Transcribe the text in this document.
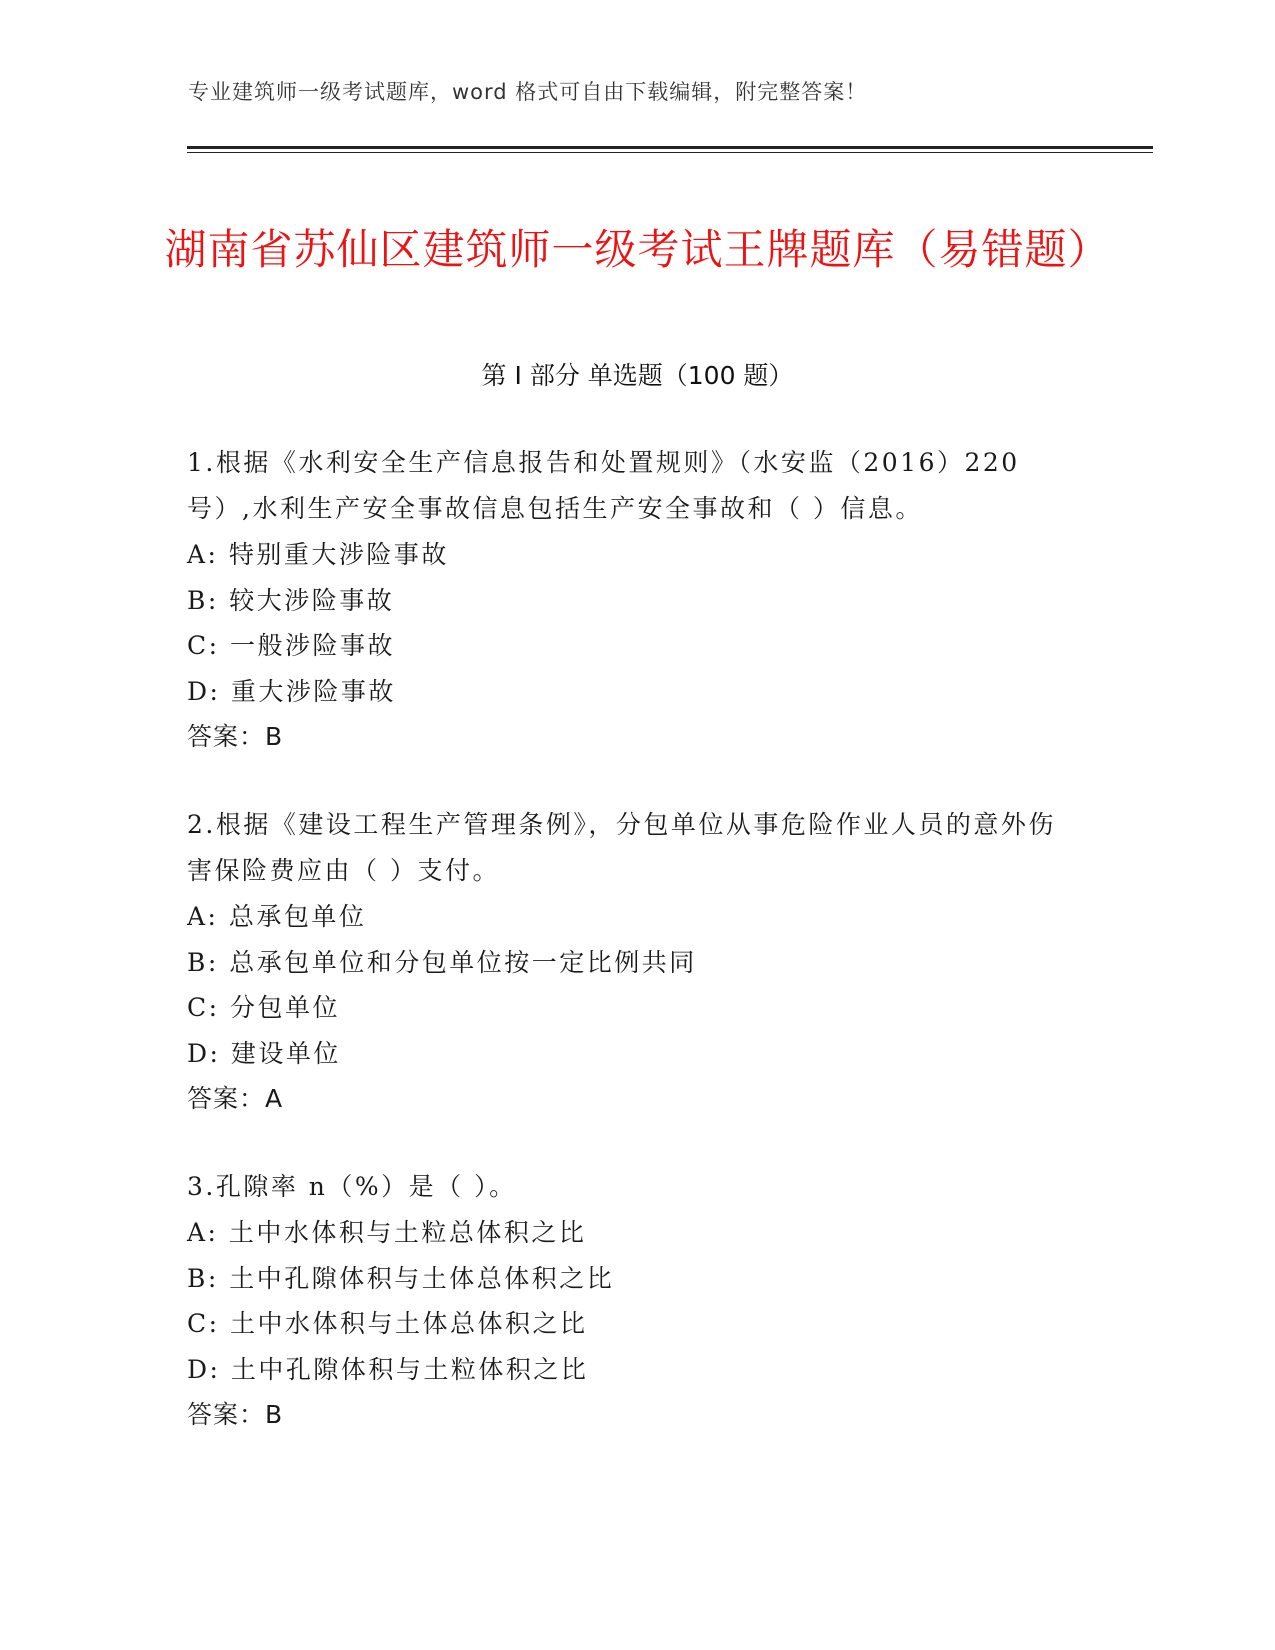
专业建筑师一级考试题库，word 格式可自由下载编辑，附完整答案！
湖南省苏仙区建筑师一级考试王牌题库（易错题）
第 I 部分 单选题（100 题）

1.根据《水利安全生产信息报告和处置规则》（水安监（2016）220号）,水利生产安全事故信息包括生产安全事故和（ ）信息。

A: 特别重大涉险事故

B: 较大涉险事故

C: 一般涉险事故

D: 重大涉险事故

答案：B

2.根据《建设工程生产管理条例》，分包单位从事危险作业人员的意外伤害保险费应由（ ）支付。

A: 总承包单位

B: 总承包单位和分包单位按一定比例共同

C: 分包单位

D: 建设单位

答案：A

3.孔隙率 n（%）是（ ）。

A: 土中水体积与土粒总体积之比

B: 土中孔隙体积与土体总体积之比

C: 土中水体积与土体总体积之比

D: 土中孔隙体积与土粒体积之比

答案：B
